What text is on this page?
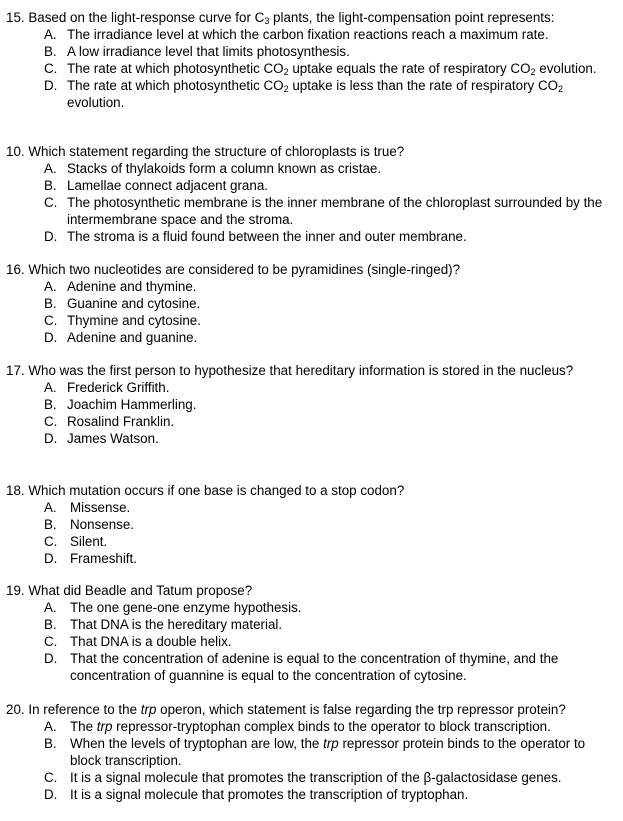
15. Based on the light-response curve for $C_3$ plants, the light-compensation point represents:
A. The irradiance level at which the carbon fixation reactions reach a maximum rate.
B. A low irradiance level that limits photosynthesis.
C. The rate at which photosynthetic $CO_2$ uptake equals the rate of respiratory $CO_2$ evolution.
D. The rate at which photosynthetic $CO_2$ uptake is less than the rate of respiratory $CO_2$ evolution.
10. Which statement regarding the structure of chloroplasts is true?
A. Stacks of thylakoids form a column known as cristae.
B. Lamellae connect adjacent grana.
C. The photosynthetic membrane is the inner membrane of the chloroplast surrounded by the intermembrane space and the stroma.
D. The stroma is a fluid found between the inner and outer membrane.
16. Which two nucleotides are considered to be pyramidines (single-ringed)?
A. Adenine and thymine.
B. Guanine and cytosine.
C. Thymine and cytosine.
D. Adenine and guanine.
17. Who was the first person to hypothesize that hereditary information is stored in the nucleus?
A. Frederick Griffith.
B. Joachim Hammerling.
C. Rosalind Franklin.
D. James Watson.
18. Which mutation occurs if one base is changed to a stop codon?
A. Missense.
B. Nonsense.
C. Silent.
D. Frameshift.
19. What did Beadle and Tatum propose?
A. The one gene-one enzyme hypothesis.
B. That DNA is the hereditary material.
C. That DNA is a double helix.
D. That the concentration of adenine is equal to the concentration of thymine, and the concentration of guannine is equal to the concentration of cytosine.
20. In reference to the trp operon, which statement is false regarding the trp repressor protein?
A. The trp repressor-tryptophan complex binds to the operator to block transcription.
B. When the levels of tryptophan are low, the trp repressor protein binds to the operator to block transcription.
C. It is a signal molecule that promotes the transcription of the β-galactosidase genes.
D. It is a signal molecule that promotes the transcription of tryptophan.
